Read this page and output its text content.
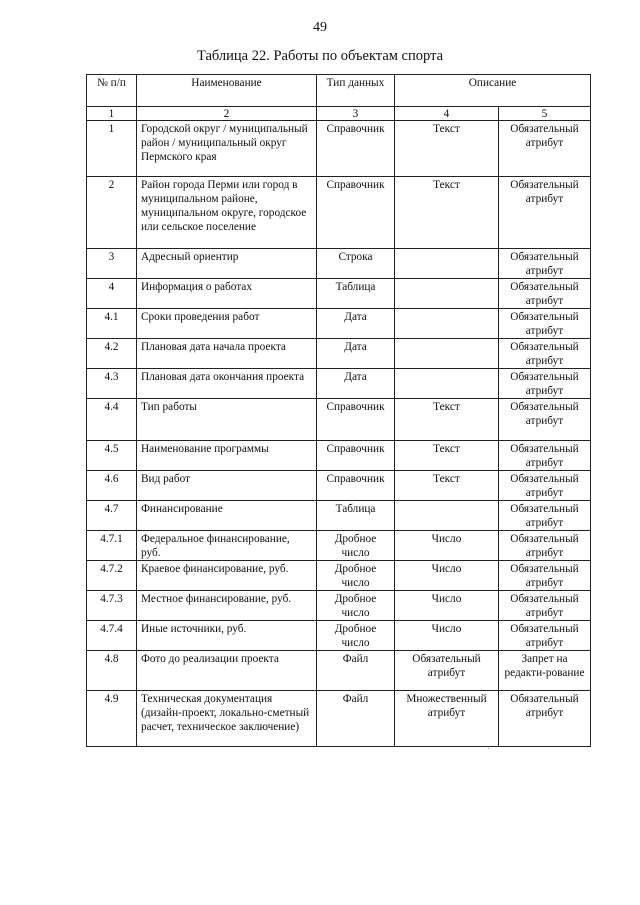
49
Таблица 22. Работы по объектам спорта
№ п/п	Наименование	Тип данных	Описание	
1	2	3	4	5
1	Городской округ / муниципальный район / муниципальный округ Пермского края	Справочник	Текст	Обязательный атрибут
2	Район города Перми или город в муниципальном районе, муниципальном округе, городское или сельское поселение	Справочник	Текст	Обязательный атрибут
3	Адресный ориентир	Строка		Обязательный атрибут
4	Информация о работах	Таблица		Обязательный атрибут
4.1	Сроки проведения работ	Дата		Обязательный атрибут
4.2	Плановая дата начала проекта	Дата		Обязательный атрибут
4.3	Плановая дата окончания проекта	Дата		Обязательный атрибут
4.4	Тип работы	Справочник	Текст	Обязательный атрибут
4.5	Наименование программы	Справочник	Текст	Обязательный атрибут
4.6	Вид работ	Справочник	Текст	Обязательный атрибут
4.7	Финансирование	Таблица		Обязательный атрибут
4.7.1	Федеральное финансирование, руб.	Дробное число	Число	Обязательный атрибут
4.7.2	Краевое финансирование, руб.	Дробное число	Число	Обязательный атрибут
4.7.3	Местное финансирование, руб.	Дробное число	Число	Обязательный атрибут
4.7.4	Иные источники, руб.	Дробное число	Число	Обязательный атрибут
4.8	Фото до реализации проекта	Файл	Обязательный атрибут	Запрет на редакти-рование
4.9	Техническая документация (дизайн-проект, локально-сметный расчет, техническое заключение)	Файл	Множественный атрибут	Обязательный атрибут
